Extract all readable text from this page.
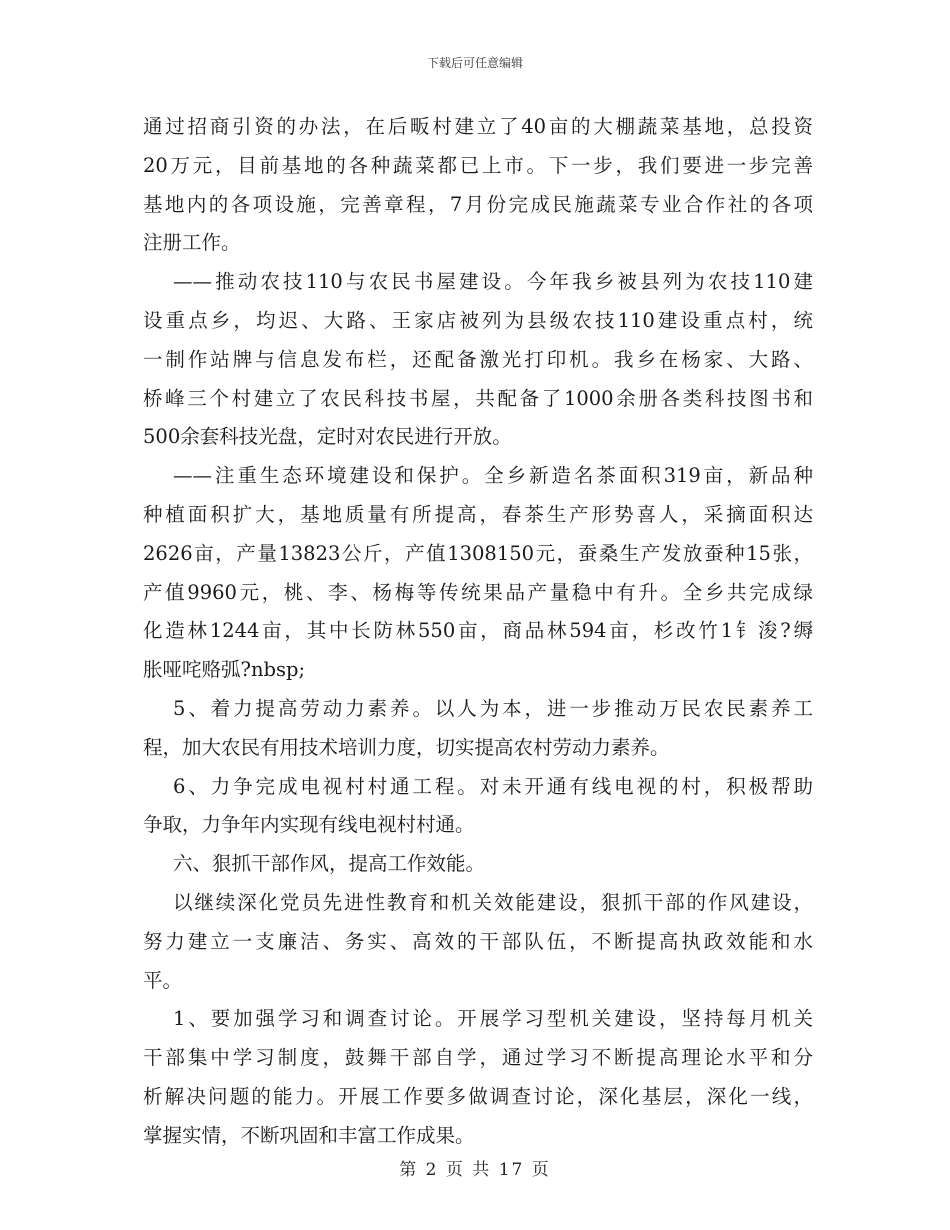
下载后可任意编辑
通过招商引资的办法，在后畈村建立了40亩的大棚蔬菜基地，总投资
20万元，目前基地的各种蔬菜都已上市。下一步，我们要进一步完善
基地内的各项设施，完善章程，7月份完成民施蔬菜专业合作社的各项
注册工作。
——推动农技110与农民书屋建设。今年我乡被县列为农技110建
设重点乡，均迟、大路、王家店被列为县级农技110建设重点村，统
一制作站牌与信息发布栏，还配备激光打印机。我乡在杨家、大路、
桥峰三个村建立了农民科技书屋，共配备了1000余册各类科技图书和
500余套科技光盘，定时对农民进行开放。
——注重生态环境建设和保护。全乡新造名茶面积319亩，新品种
种植面积扩大，基地质量有所提高，春茶生产形势喜人，采摘面积达
2626亩，产量13823公斤，产值1308150元，蚕桑生产发放蚕种15张，
产值9960元，桃、李、杨梅等传统果品产量稳中有升。全乡共完成绿
化造林1244亩，其中长防林550亩，商品林594亩，杉改竹1钅浚?缛
胀哑咤赂弧?nbsp;
5、着力提高劳动力素养。以人为本，进一步推动万民农民素养工
程，加大农民有用技术培训力度，切实提高农村劳动力素养。
6、力争完成电视村村通工程。对未开通有线电视的村，积极帮助
争取，力争年内实现有线电视村村通。
六、狠抓干部作风，提高工作效能。
以继续深化党员先进性教育和机关效能建设，狠抓干部的作风建设，
努力建立一支廉洁、务实、高效的干部队伍，不断提高执政效能和水
平。
1、要加强学习和调查讨论。开展学习型机关建设，坚持每月机关
干部集中学习制度，鼓舞干部自学，通过学习不断提高理论水平和分
析解决问题的能力。开展工作要多做调查讨论，深化基层，深化一线，
掌握实情，不断巩固和丰富工作成果。
第 2 页 共 17 页
